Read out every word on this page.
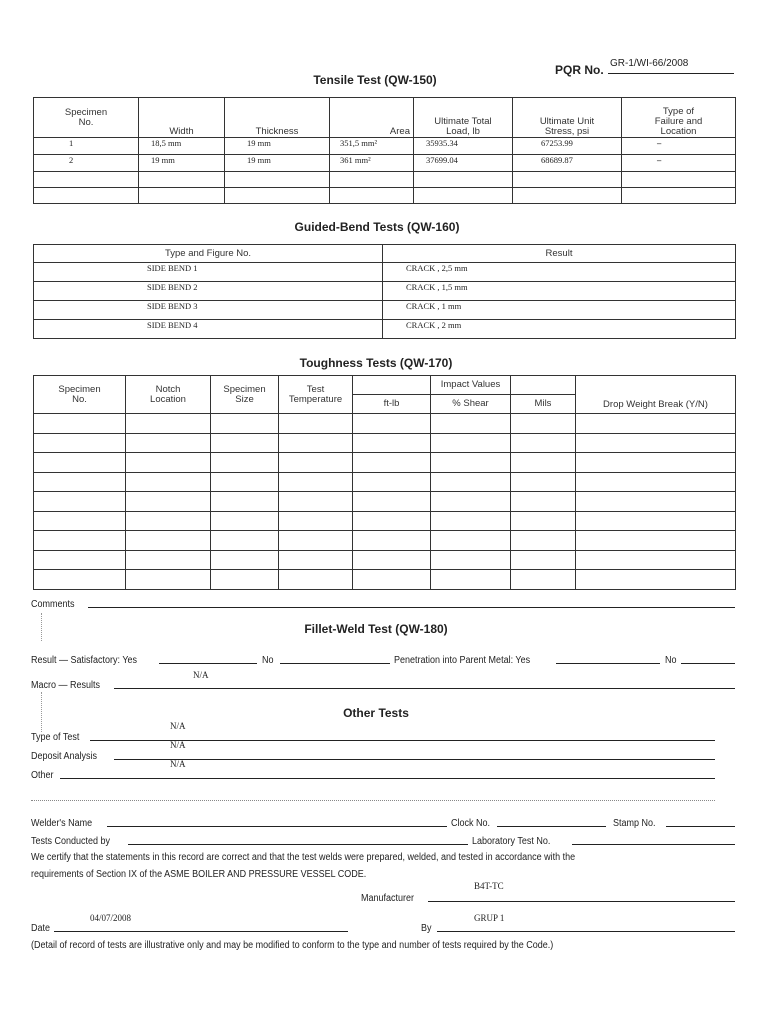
PQR No. GR-1/WI-66/2008
Tensile Test (QW-150)
Specimen No.	Width	Thickness	Area	Ultimate Total Load, lb	Ultimate Unit Stress, psi	Type of Failure and Location
1	18,5 mm	19 mm	351,5 mm²	35935.34	67253.99	–
2	19 mm	19 mm	361 mm²	37699.04	68689.87	–

Guided-Bend Tests (QW-160)
Type and Figure No.	Result
SIDE BEND 1	CRACK , 2,5 mm
SIDE BEND 2	CRACK , 1,5 mm
SIDE BEND 3	CRACK , 1 mm
SIDE BEND 4	CRACK , 2 mm
Toughness Tests (QW-170)
Specimen No.	Notch Location	Specimen Size	Test Temperature		Impact Values		Drop Weight Break (Y/N)
				ft-lb	% Shear	Mils	

Comments
Fillet-Weld Test (QW-180)
Result — Satisfactory: Yes	No	Penetration into Parent Metal: Yes	No
N/A
Macro — Results
Other Tests
N/A
Type of Test
N/A
Deposit Analysis
N/A
Other
Welder's Name	Clock No.	Stamp No.
Tests Conducted by	Laboratory Test No.
We certify that the statements in this record are correct and that the test welds were prepared, welded, and tested in accordance with the
requirements of Section IX of the ASME BOILER AND PRESSURE VESSEL CODE.
B4T-TC
Manufacturer
04/07/2008
Date
GRUP 1
By
(Detail of record of tests are illustrative only and may be modified to conform to the type and number of tests required by the Code.)
